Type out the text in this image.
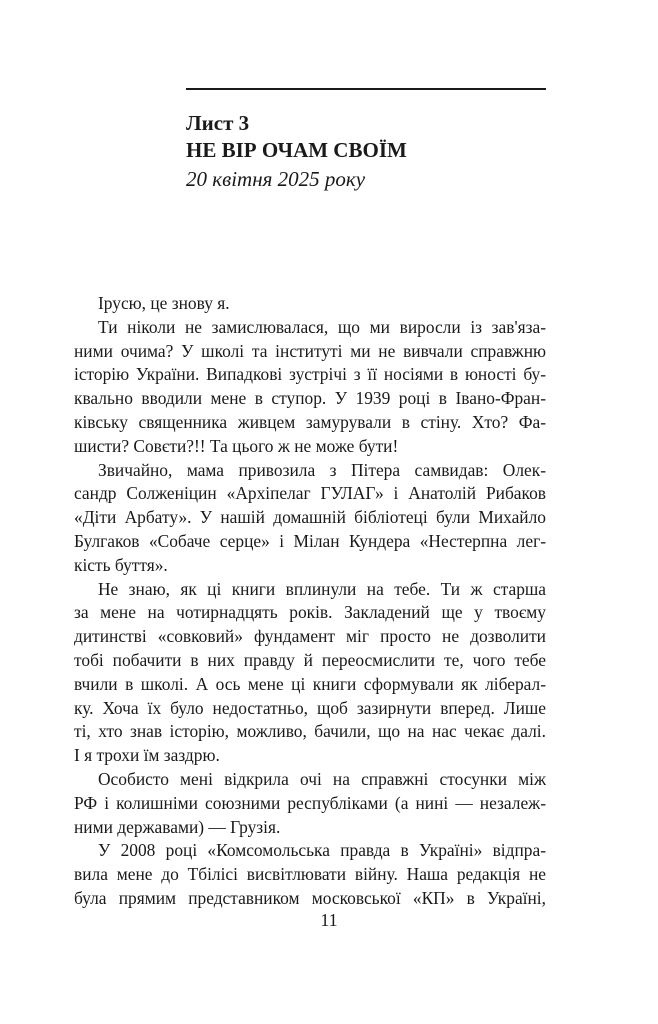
Лист 3
НЕ ВІР ОЧАМ СВОЇМ
20 квітня 2025 року
Ірусю, це знову я.
Ти ніколи не замислювалася, що ми виросли із зав'яза-
ними очима? У школі та інституті ми не вивчали справжню
історію України. Випадкові зустрічі з її носіями в юності бу-
квально вводили мене в ступор. У 1939 році в Івано-Фран-
ківську священника живцем замурували в стіну. Хто? Фа-
шисти? Совєти?!! Та цього ж не може бути!
Звичайно, мама привозила з Пітера самвидав: Олек-
сандр Солженіцин «Архіпелаг ГУЛАГ» і Анатолій Рибаков
«Діти Арбату». У нашій домашній бібліотеці були Михайло
Булгаков «Собаче серце» і Мілан Кундера «Нестерпна лег-
кість буття».
Не знаю, як ці книги вплинули на тебе. Ти ж старша
за мене на чотирнадцять років. Закладений ще у твоєму
дитинстві «совковий» фундамент міг просто не дозволити
тобі побачити в них правду й переосмислити те, чого тебе
вчили в школі. А ось мене ці книги сформували як ліберал-
ку. Хоча їх було недостатньо, щоб зазирнути вперед. Лише
ті, хто знав історію, можливо, бачили, що на нас чекає далі.
І я трохи їм заздрю.
Особисто мені відкрила очі на справжні стосунки між
РФ і колишніми союзними республіками (а нині — незалеж-
ними державами) — Грузія.
У 2008 році «Комсомольська правда в Україні» відпра-
вила мене до Тбілісі висвітлювати війну. Наша редакція не
була прямим представником московської «КП» в Україні,
11
